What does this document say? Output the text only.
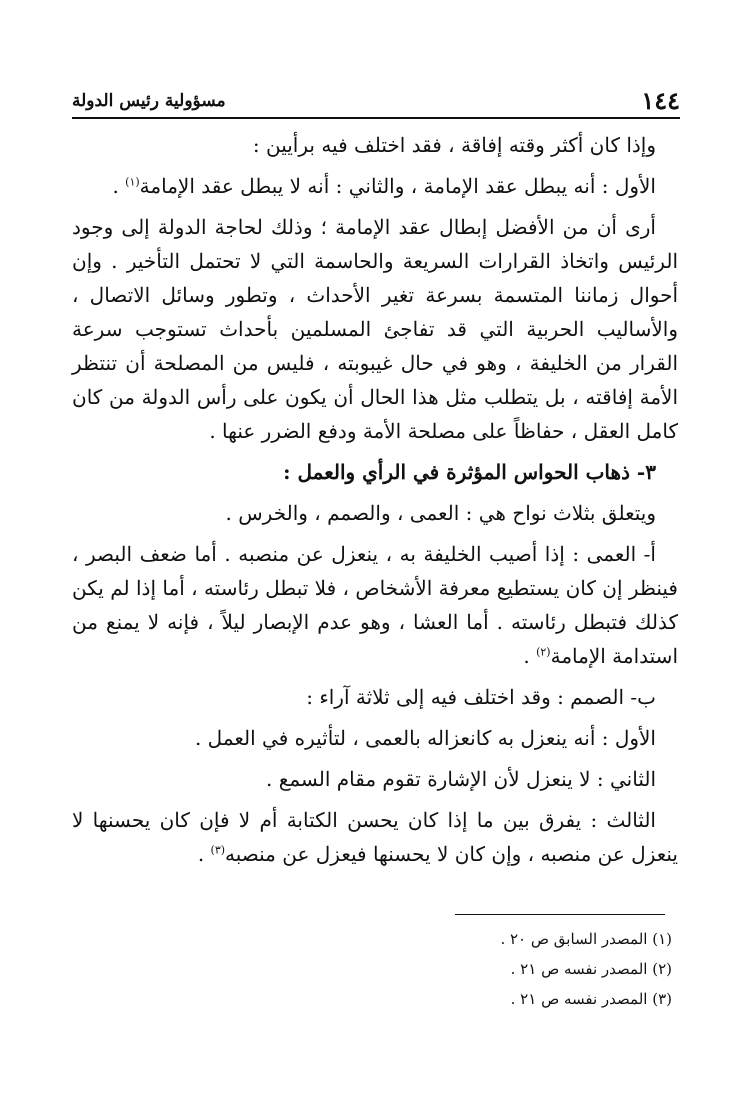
١٤٤
مسؤولية رئيس الدولة

وإذا كان أكثر وقته إفاقة ، فقد اختلف فيه برأيين :

الأول : أنه يبطل عقد الإمامة ، والثاني : أنه لا يبطل عقد الإمامة$^{(١)}$ .

أرى أن من الأفضل إبطال عقد الإمامة ؛ وذلك لحاجة الدولة إلى وجود الرئيس واتخاذ القرارات السريعة والحاسمة التي لا تحتمل التأخير . وإن أحوال زماننا المتسمة بسرعة تغير الأحداث ، وتطور وسائل الاتصال ، والأساليب الحربية التي قد تفاجئ المسلمين بأحداث تستوجب سرعة القرار من الخليفة ، وهو في حال غيبوبته ، فليس من المصلحة أن تنتظر الأمة إفاقته ، بل يتطلب مثل هذا الحال أن يكون على رأس الدولة من كان كامل العقل ، حفاظاً على مصلحة الأمة ودفع الضرر عنها .

٣- ذهاب الحواس المؤثرة في الرأي والعمل :

ويتعلق بثلاث نواح هي : العمى ، والصمم ، والخرس .

أ- العمى : إذا أصيب الخليفة به ، ينعزل عن منصبه . أما ضعف البصر ، فينظر إن كان يستطيع معرفة الأشخاص ، فلا تبطل رئاسته ، أما إذا لم يكن كذلك فتبطل رئاسته . أما العشا ، وهو عدم الإبصار ليلاً ، فإنه لا يمنع من استدامة الإمامة$^{(٢)}$ .

ب- الصمم : وقد اختلف فيه إلى ثلاثة آراء :

الأول : أنه ينعزل به كانعزاله بالعمى ، لتأثيره في العمل .

الثاني : لا ينعزل لأن الإشارة تقوم مقام السمع .

الثالث : يفرق بين ما إذا كان يحسن الكتابة أم لا فإن كان يحسنها لا ينعزل عن منصبه ، وإن كان لا يحسنها فيعزل عن منصبه$^{(٣)}$ .

(١) المصدر السابق ص ٢٠ .

(٢) المصدر نفسه ص ٢١ .

(٣) المصدر نفسه ص ٢١ .
